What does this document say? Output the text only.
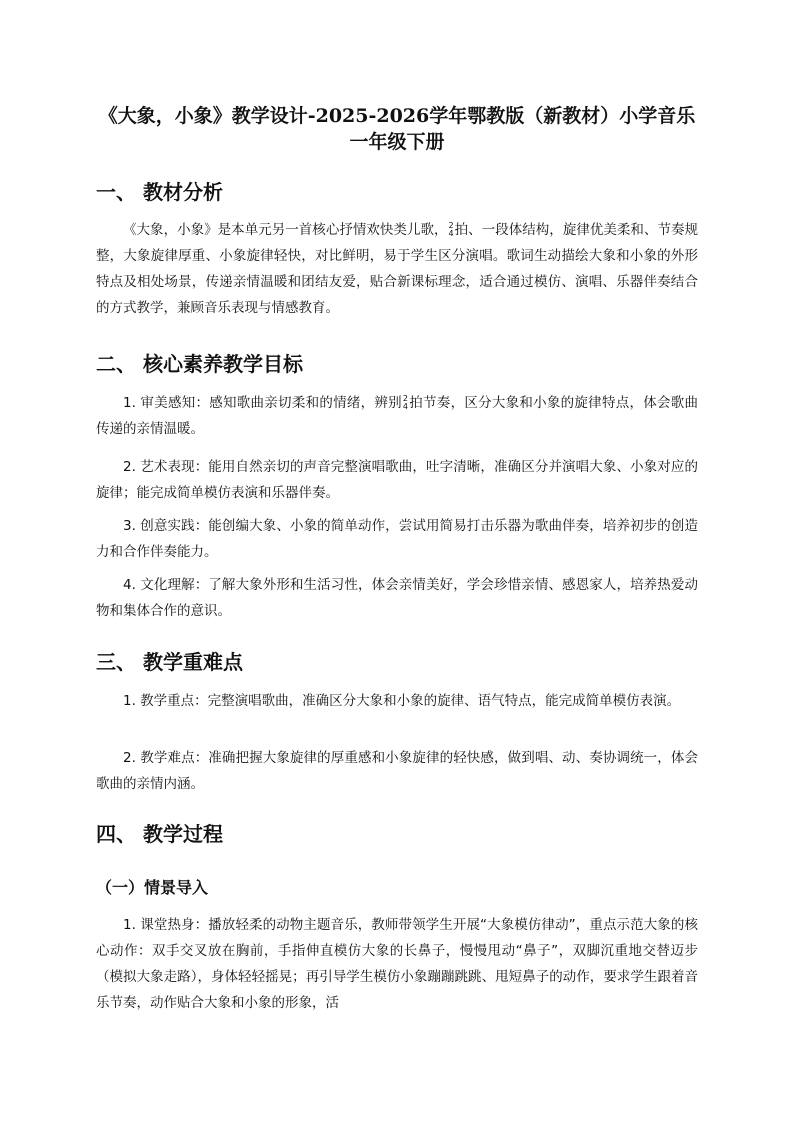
《大象，小象》教学设计-2025-2026学年鄂教版（新教材）小学音乐
一年级下册
一、 教材分析
《大象，小象》是本单元另一首核心抒情欢快类儿歌， 2
4 拍、一段体结构，旋律优美柔和、节奏规整，大象旋律厚重、小象旋律轻快，对比鲜明，易于学生区分演唱。歌词生动描绘大象和小象的外形特点及相处场景，传递亲情温暖和团结友爱，贴合新课标理念，适合通过模仿、演唱、乐器伴奏结合的方式教学，兼顾音乐表现与情感教育。
二、 核心素养教学目标
1. 审美感知：感知歌曲亲切柔和的情绪，辨别 2
4 拍节奏，区分大象和小象的旋律特点，体会歌曲传递的亲情温暖。
2. 艺术表现：能用自然亲切的声音完整演唱歌曲，吐字清晰，准确区分并演唱大象、小象对应的旋律；能完成简单模仿表演和乐器伴奏。
3. 创意实践：能创编大象、小象的简单动作，尝试用简易打击乐器为歌曲伴奏，培养初步的创造力和合作伴奏能力。
4. 文化理解：了解大象外形和生活习性，体会亲情美好，学会珍惜亲情、感恩家人，培养热爱动物和集体合作的意识。
三、 教学重难点
1. 教学重点：完整演唱歌曲，准确区分大象和小象的旋律、语气特点，能完成简单模仿表演。
2. 教学难点：准确把握大象旋律的厚重感和小象旋律的轻快感，做到唱、动、奏协调统一，体会歌曲的亲情内涵。
四、 教学过程
（一）情景导入
1. 课堂热身：播放轻柔的动物主题音乐，教师带领学生开展“大象模仿律动”，重点示范大象的核心动作：双手交叉放在胸前，手指伸直模仿大象的长鼻子，慢慢甩动“鼻子”，双脚沉重地交替迈步（模拟大象走路），身体轻轻摇晃；再引导学生模仿小象蹦蹦跳跳、甩短鼻子的动作，要求学生跟着音乐节奏，动作贴合大象和小象的形象，活
